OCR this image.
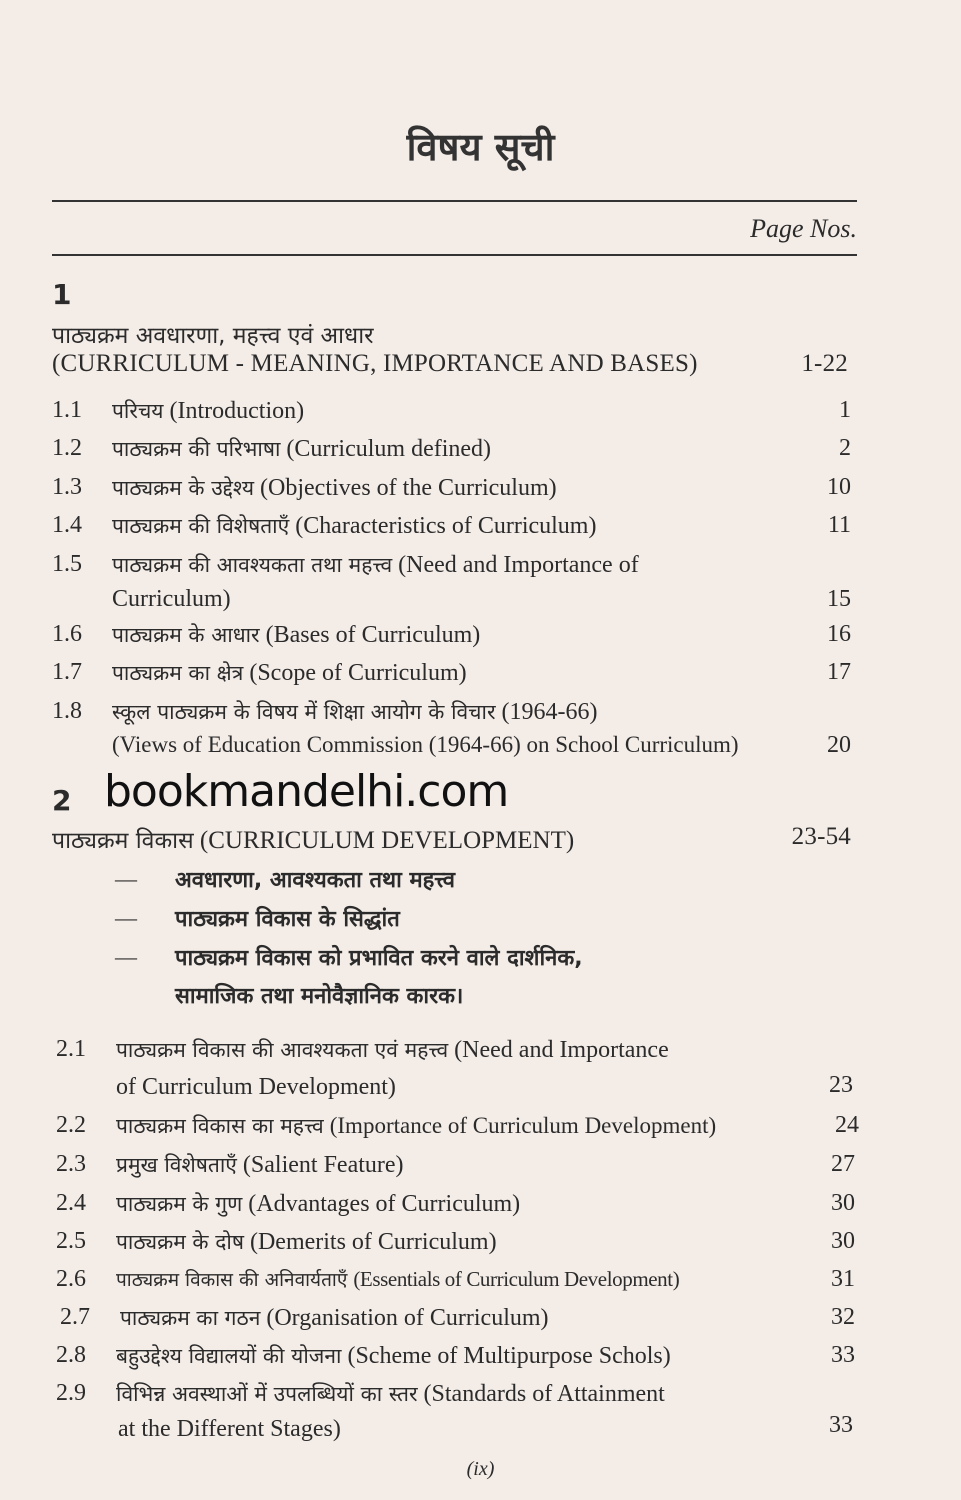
विषय सूची
Page Nos.
1
पाठ्यक्रम अवधारणा, महत्त्व एवं आधार
(CURRICULUM - MEANING, IMPORTANCE AND BASES)	1-22
1.1 परिचय (Introduction)	1
1.2 पाठ्यक्रम की परिभाषा (Curriculum defined)	2
1.3 पाठ्यक्रम के उद्देश्य (Objectives of the Curriculum)	10
1.4 पाठ्यक्रम की विशेषताएँ (Characteristics of Curriculum)	11
1.5 पाठ्यक्रम की आवश्यकता तथा महत्त्व (Need and Importance of
Curriculum)	15
1.6 पाठ्यक्रम के आधार (Bases of Curriculum)	16
1.7 पाठ्यक्रम का क्षेत्र (Scope of Curriculum)	17
1.8 स्कूल पाठ्यक्रम के विषय में शिक्षा आयोग के विचार (1964-66)
(Views of Education Commission (1964-66) on School Curriculum)	20
2 bookmandelhi.com
पाठ्यक्रम विकास (CURRICULUM DEVELOPMENT)	23-54
— अवधारणा, आवश्यकता तथा महत्त्व
— पाठ्यक्रम विकास के सिद्धांत
— पाठ्यक्रम विकास को प्रभावित करने वाले दार्शनिक,
सामाजिक तथा मनोवैज्ञानिक कारक।
2.1 पाठ्यक्रम विकास की आवश्यकता एवं महत्त्व (Need and Importance
of Curriculum Development)	23
2.2 पाठ्यक्रम विकास का महत्त्व (Importance of Curriculum Development)	24
2.3 प्रमुख विशेषताएँ (Salient Feature)	27
2.4 पाठ्यक्रम के गुण (Advantages of Curriculum)	30
2.5 पाठ्यक्रम के दोष (Demerits of Curriculum)	30
2.6 पाठ्यक्रम विकास की अनिवार्यताएँ (Essentials of Curriculum Development)	31
2.7 पाठ्यक्रम का गठन (Organisation of Curriculum)	32
2.8 बहुउद्देश्य विद्यालयों की योजना (Scheme of Multipurpose Schols)	33
2.9 विभिन्न अवस्थाओं में उपलब्धियों का स्तर (Standards of Attainment
at the Different Stages)	33
(ix)
